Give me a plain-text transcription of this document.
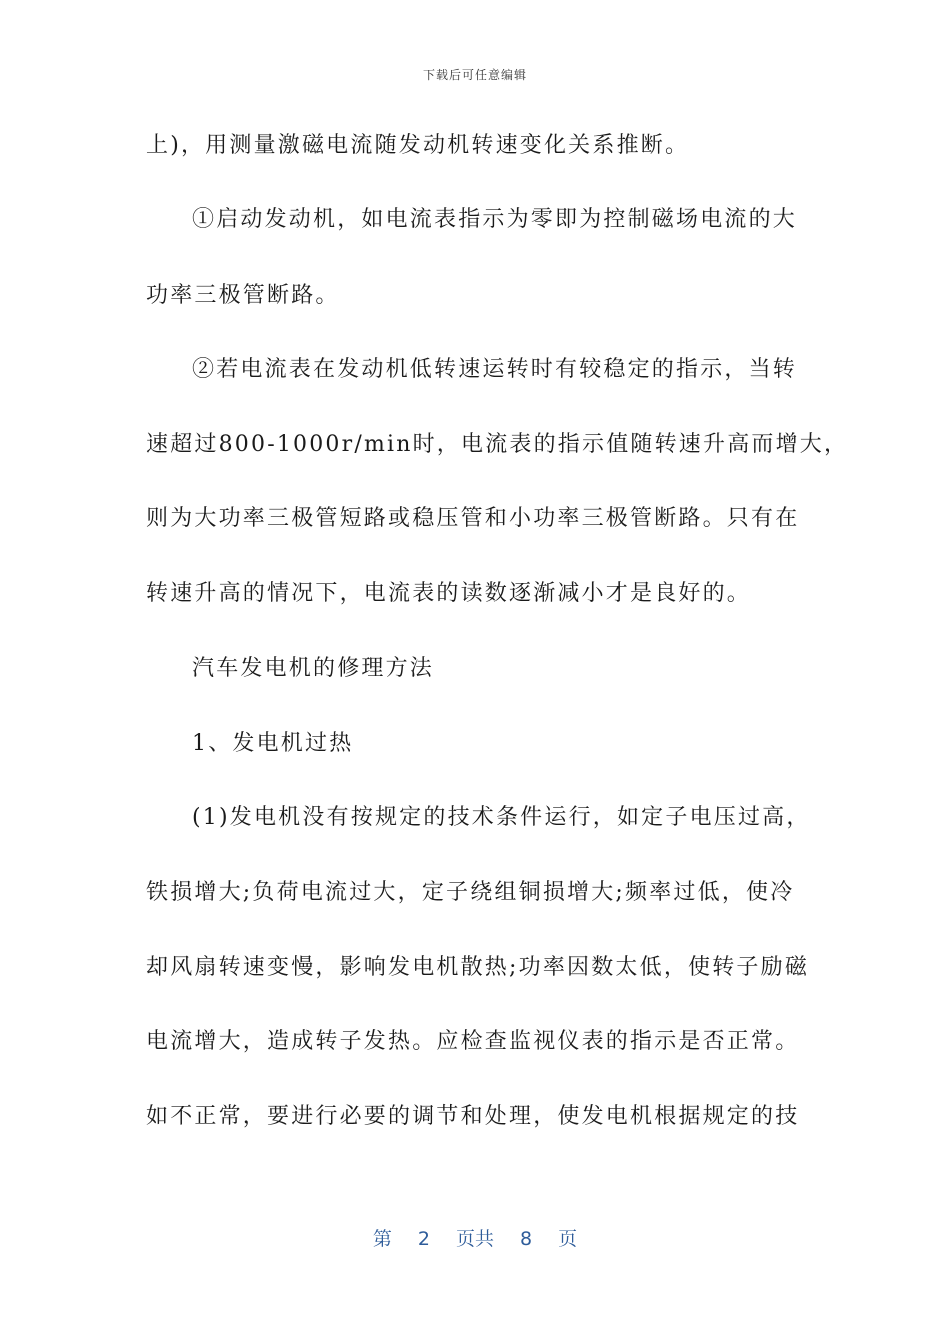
下载后可任意编辑
上)，用测量激磁电流随发动机转速变化关系推断。
①启动发动机，如电流表指示为零即为控制磁场电流的大
功率三极管断路。
②若电流表在发动机低转速运转时有较稳定的指示，当转
速超过800-1000r/min时，电流表的指示值随转速升高而增大，
则为大功率三极管短路或稳压管和小功率三极管断路。只有在
转速升高的情况下，电流表的读数逐渐减小才是良好的。
汽车发电机的修理方法
1、发电机过热
(1)发电机没有按规定的技术条件运行，如定子电压过高，
铁损增大;负荷电流过大，定子绕组铜损增大;频率过低，使冷
却风扇转速变慢，影响发电机散热;功率因数太低，使转子励磁
电流增大，造成转子发热。应检查监视仪表的指示是否正常。
如不正常，要进行必要的调节和处理，使发电机根据规定的技
第 2 页共 8 页
